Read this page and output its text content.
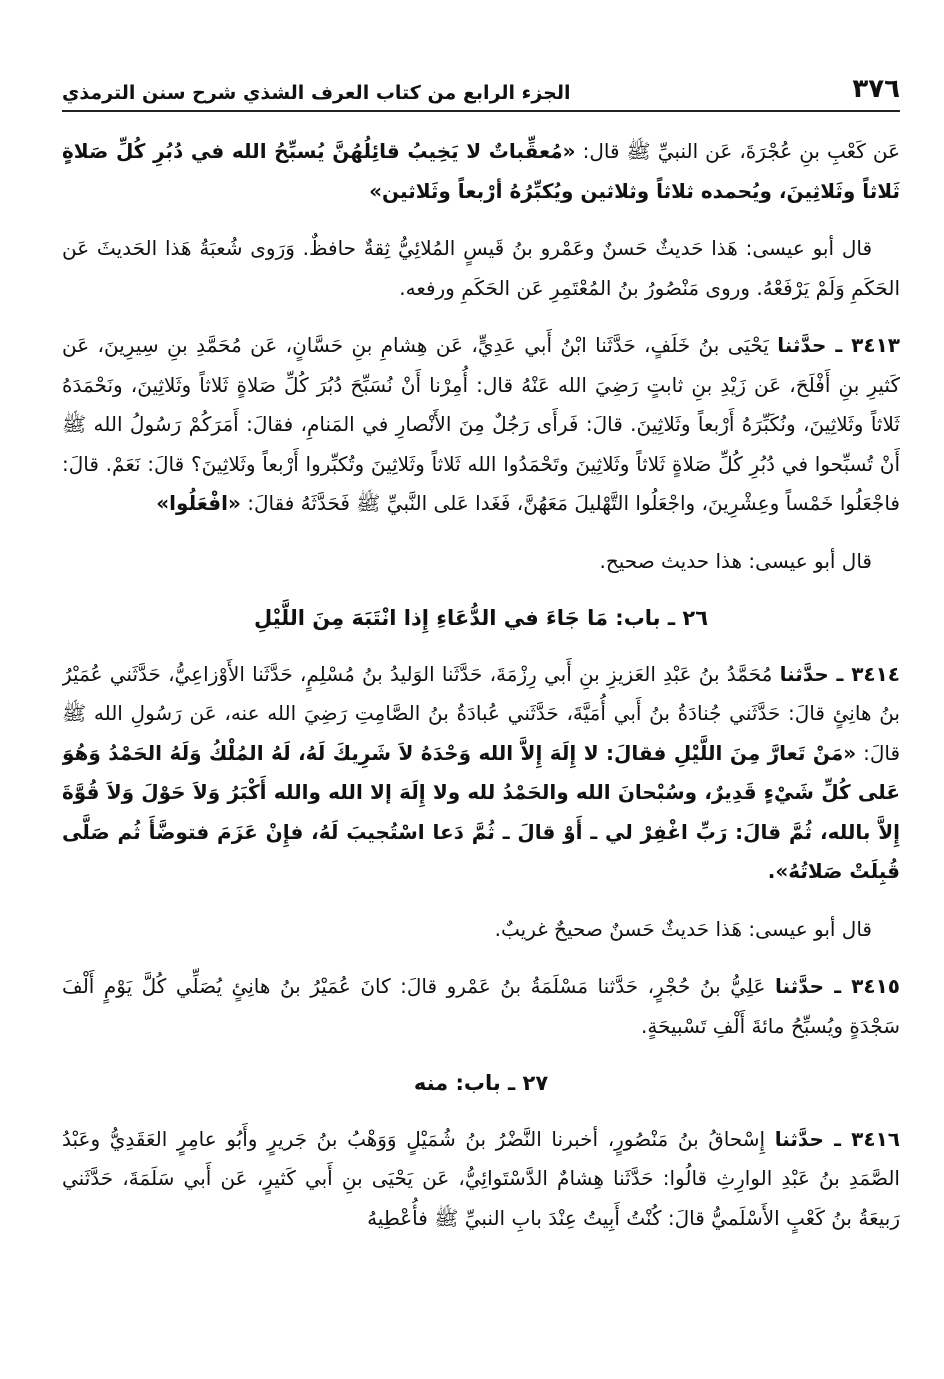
٣٧٦
الجزء الرابع من كتاب العرف الشذي شرح سنن الترمذي

عَن كَعْبِ بنِ عُجْرَةَ، عَن النبيِّ ﷺ قال: «مُعقِّباتٌ لا يَخِيبُ قائِلُهُنَّ يُسبِّحُ الله في دُبُرِ كُلِّ صَلاةٍ ثَلاثاً وثَلاثِينَ، ويُحمده ثلاثاً وثلاثين ويُكبِّرُهُ أرْبعاً وثَلاثين»

قال أبو عيسى: هَذا حَديثٌ حَسنٌ وعَمْرو بنُ قَيسٍ المُلائِيُّ ثِقةٌ حافظٌ. وَرَوى شُعبَةُ هَذا الحَديثَ عَن الحَكَمِ وَلَمْ يَرْفَعْهُ. وروى مَنْصُورُ بنُ المُعْتَمِرِ عَن الحَكَمِ ورفعه.

٣٤١٣ ـ حدَّثنا يَحْيَى بنُ خَلَفٍ، حَدَّثَنا ابْنُ أَبي عَدِيٍّ، عَن هِشامِ بنِ حَسَّانٍ، عَن مُحَمَّدِ بنِ سِيرِينَ، عَن كَثيرِ بنِ أَفْلَحَ، عَن زَيْدِ بنِ ثابتٍ رَضِيَ الله عَنْهُ قال: أُمِرْنا أَنْ نُسَبِّحَ دُبُرَ كُلِّ صَلاةٍ ثَلاثاً وثَلاثِينَ، ونَحْمَدَهُ ثَلاثاً وثَلاثِينَ، ونُكَبِّرَهُ أَرْبعاً وثَلاثِينَ. قالَ: فَرأَى رَجُلٌ مِنَ الأَنْصارِ في المَنامِ، فقالَ: أَمَرَكُمْ رَسُولُ الله ﷺ أَنْ تُسبِّحوا في دُبُرِ كُلِّ صَلاةٍ ثَلاثاً وثَلاثِينَ وتَحْمَدُوا الله ثَلاثاً وثَلاثِينَ وتُكبِّروا أَرْبعاً وثَلاثِينَ؟ قالَ: نَعَمْ. قالَ: فاجْعَلُوا خَمْساً وعِشْرِينَ، واجْعَلُوا التَّهْليلَ مَعَهُنَّ، فَغَدا عَلى النَّبيِّ ﷺ فَحَدَّثَهُ فقالَ: «افْعَلُوا»

قال أبو عيسى: هذا حديث صحيح.

٢٦ ـ باب: مَا جَاءَ في الدُّعَاءِ إِذا انْتَبَهَ مِنَ اللَّيْلِ

٣٤١٤ ـ حدَّثنا مُحَمَّدُ بنُ عَبْدِ العَزيزِ بنِ أَبي رِزْمَةَ، حَدَّثَنا الوَليدُ بنُ مُسْلِمٍ، حَدَّثَنا الأَوْزاعِيُّ، حَدَّثَني عُمَيْرُ بنُ هانِئٍ قالَ: حَدَّثَني جُنادَةُ بنُ أَبي أُمَيَّةَ، حَدَّثَني عُبادَةُ بنُ الصَّامِتِ رَضِيَ الله عنه، عَن رَسُولِ الله ﷺ قالَ: «مَنْ تَعارَّ مِنَ اللَّيْلِ فقالَ: لا إِلَهَ إِلاَّ الله وَحْدَهُ لاَ شَرِيكَ لَهُ، لَهُ المُلْكُ وَلَهُ الحَمْدُ وَهُوَ عَلى كُلِّ شَيْءٍ قَدِيرٌ، وسُبْحانَ الله والحَمْدُ لله ولا إِلَهَ إلا الله والله أَكْبَرُ وَلاَ حَوْلَ وَلاَ قُوَّةَ إِلاَّ بالله، ثُمَّ قالَ: رَبِّ اغْفِرْ لي ـ أَوْ قالَ ـ ثُمَّ دَعا اسْتُجيبَ لَهُ، فإِنْ عَزَمَ فتوضَّأَ ثُم صَلَّى قُبِلَتْ صَلاتُهُ».

قال أبو عيسى: هَذا حَديثٌ حَسنٌ صحيحٌ غريبٌ.

٣٤١٥ ـ حدَّثنا عَلِيُّ بنُ حُجْرٍ، حَدَّثنا مَسْلَمَةُ بنُ عَمْرو قالَ: كانَ عُمَيْرُ بنُ هانِئٍ يُصَلِّي كُلَّ يَوْمٍ أَلْفَ سَجْدَةٍ ويُسبِّحُ مائةَ أَلْفِ تَسْبيحَةٍ.

٢٧ ـ باب: منه

٣٤١٦ ـ حدَّثنا إِسْحاقُ بنُ مَنْصُورٍ، أخبرنا النَّضْرُ بنُ شُمَيْلٍ وَوَهْبُ بنُ جَريرٍ وأَبُو عامِرٍ العَقَدِيُّ وعَبْدُ الصَّمَدِ بنُ عَبْدِ الوارِثِ قالُوا: حَدَّثَنا هِشامٌ الدَّسْتَوائِيُّ، عَن يَحْيَى بنِ أَبي كَثيرٍ، عَن أَبي سَلَمَةَ، حَدَّثَني رَبيعَةُ بنُ كَعْبٍ الأَسْلَميُّ قالَ: كُنْتُ أَبِيتُ عِنْدَ بابِ النبيِّ ﷺ فأُعْطِيهُ
